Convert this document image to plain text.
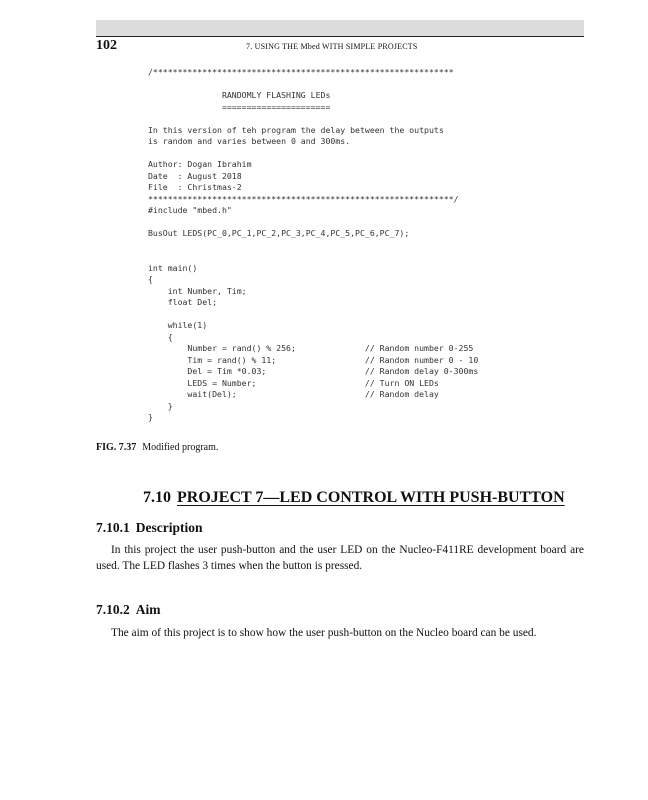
102	7. USING THE Mbed WITH SIMPLE PROJECTS
/*************************************************************
RANDOMLY FLASHING LEDs
======================
In this version of teh program the delay between the outputs
is random and varies between 0 and 300ms.
Author: Dogan Ibrahim
Date  : August 2018
File  : Christmas-2
**************************************************************/
#include "mbed.h"
BusOut LEDS(PC_0,PC_1,PC_2,PC_3,PC_4,PC_5,PC_6,PC_7);
int main()
{
int Number, Tim;
float Del;
while(1)
{
Number = rand() % 256;              // Random number 0-255
Tim = rand() % 11;                  // Random number 0 - 10
Del = Tim *0.03;                    // Random delay 0-300ms
LEDS = Number;                      // Turn ON LEDs
wait(Del);                          // Random delay
}
}
FIG. 7.37 Modified program.
7.10 PROJECT 7—LED CONTROL WITH PUSH-BUTTON
7.10.1 Description
In this project the user push-button and the user LED on the Nucleo-F411RE development board are used. The LED flashes 3 times when the button is pressed.
7.10.2 Aim
The aim of this project is to show how the user push-button on the Nucleo board can be used.
